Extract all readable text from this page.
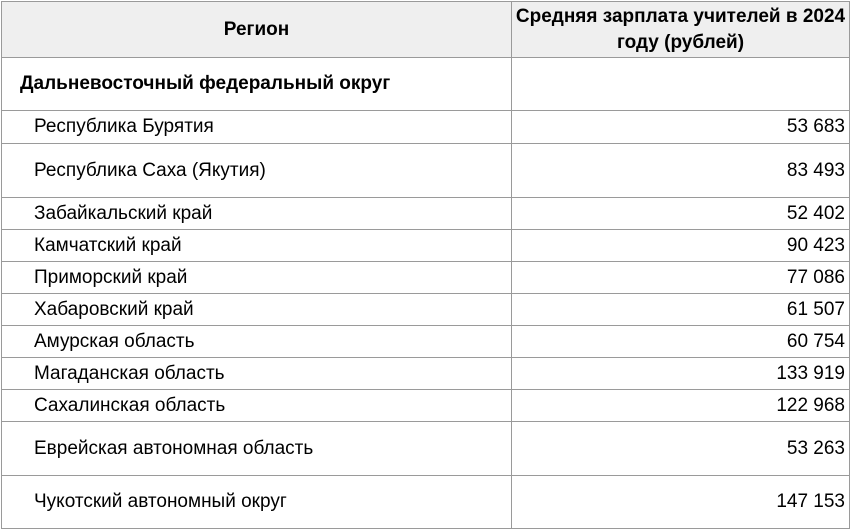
Регион	Средняя зарплата учителей в 2024 году (рублей)
Дальневосточный федеральный округ	
Республика Бурятия	53 683
Республика Саха (Якутия)	83 493
Забайкальский край	52 402
Камчатский край	90 423
Приморский край	77 086
Хабаровский край	61 507
Амурская область	60 754
Магаданская область	133 919
Сахалинская область	122 968
Еврейская автономная область	53 263
Чукотский автономный округ	147 153
